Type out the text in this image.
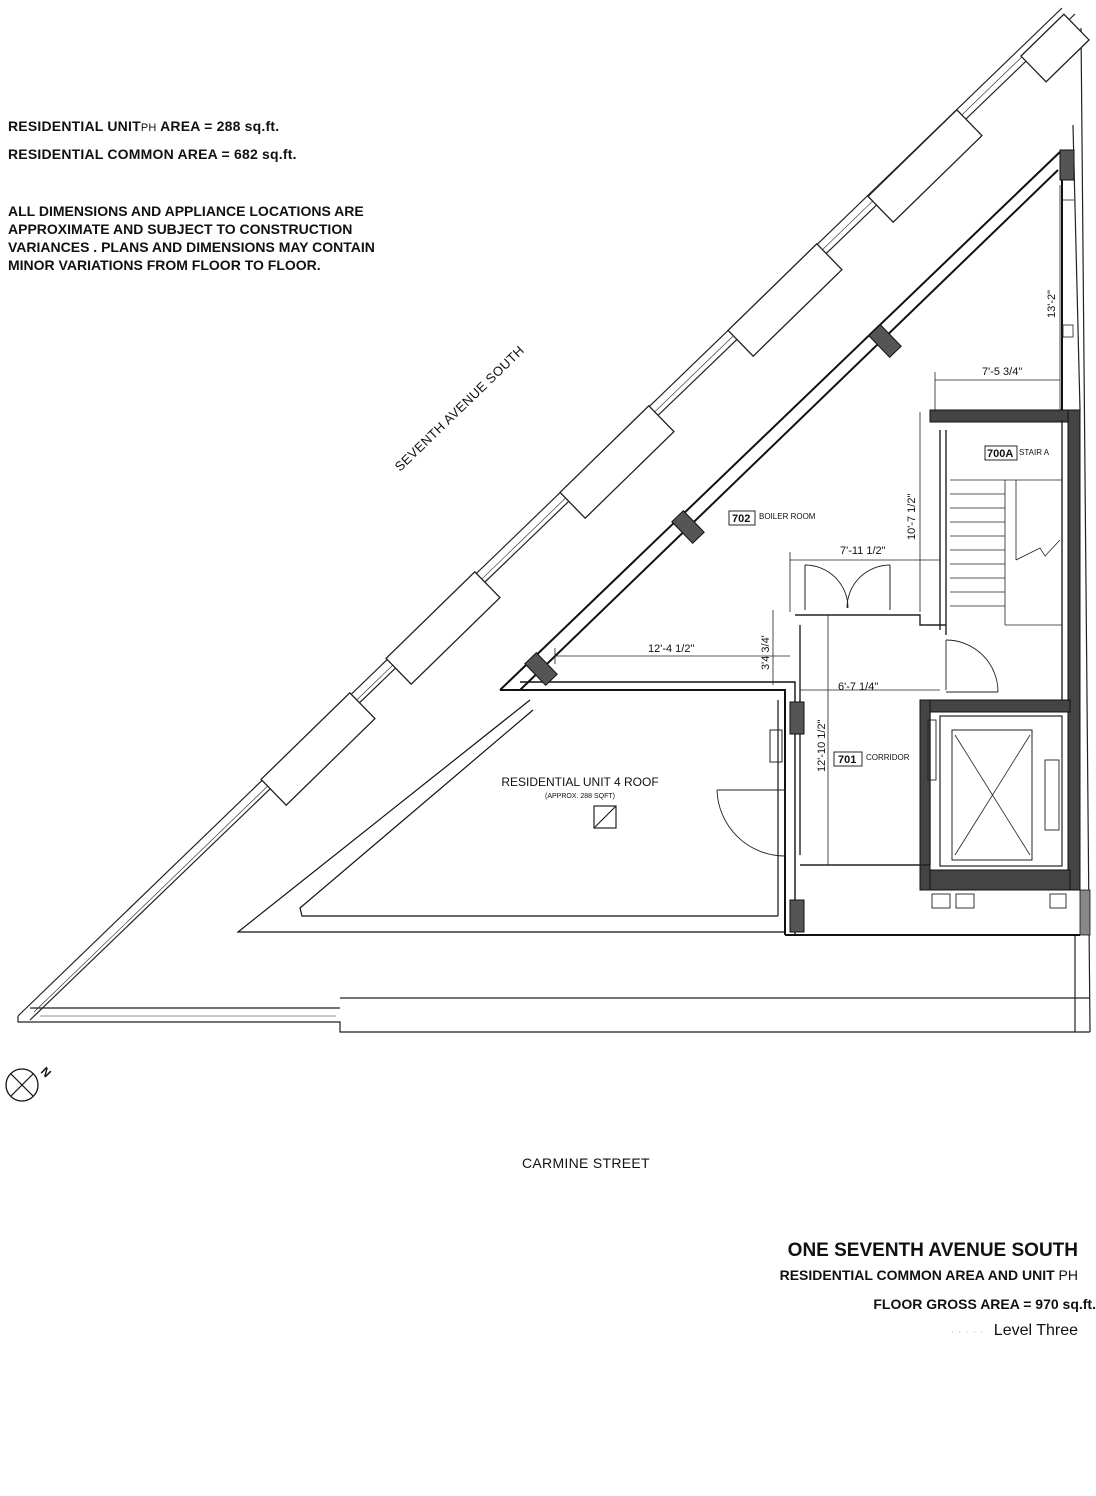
RESIDENTIAL UNITPH AREA = 288 sq.ft.
RESIDENTIAL COMMON AREA = 682 sq.ft.
ALL DIMENSIONS AND APPLIANCE LOCATIONS ARE
APPROXIMATE AND SUBJECT TO CONSTRUCTION
VARIANCES . PLANS AND DIMENSIONS MAY CONTAIN
MINOR VARIATIONS FROM FLOOR TO FLOOR.
7'-5 3/4"
13'-2"
10'-7 1/2"
7'-11 1/2"
12'-4 1/2"	3'4 3/4'
6'-7 1/4"
12'-10 1/2"
702 BOILER ROOM
700A STAIR A
701 CORRIDOR
RESIDENTIAL UNIT 4 ROOF
(APPROX. 288 SQFT)
SEVENTH AVENUE SOUTH
N
CARMINE STREET
ONE SEVENTH AVENUE SOUTH
RESIDENTIAL COMMON AREA AND UNIT PH
FLOOR GROSS AREA = 970 sq.ft.
· · · · · Level Three
